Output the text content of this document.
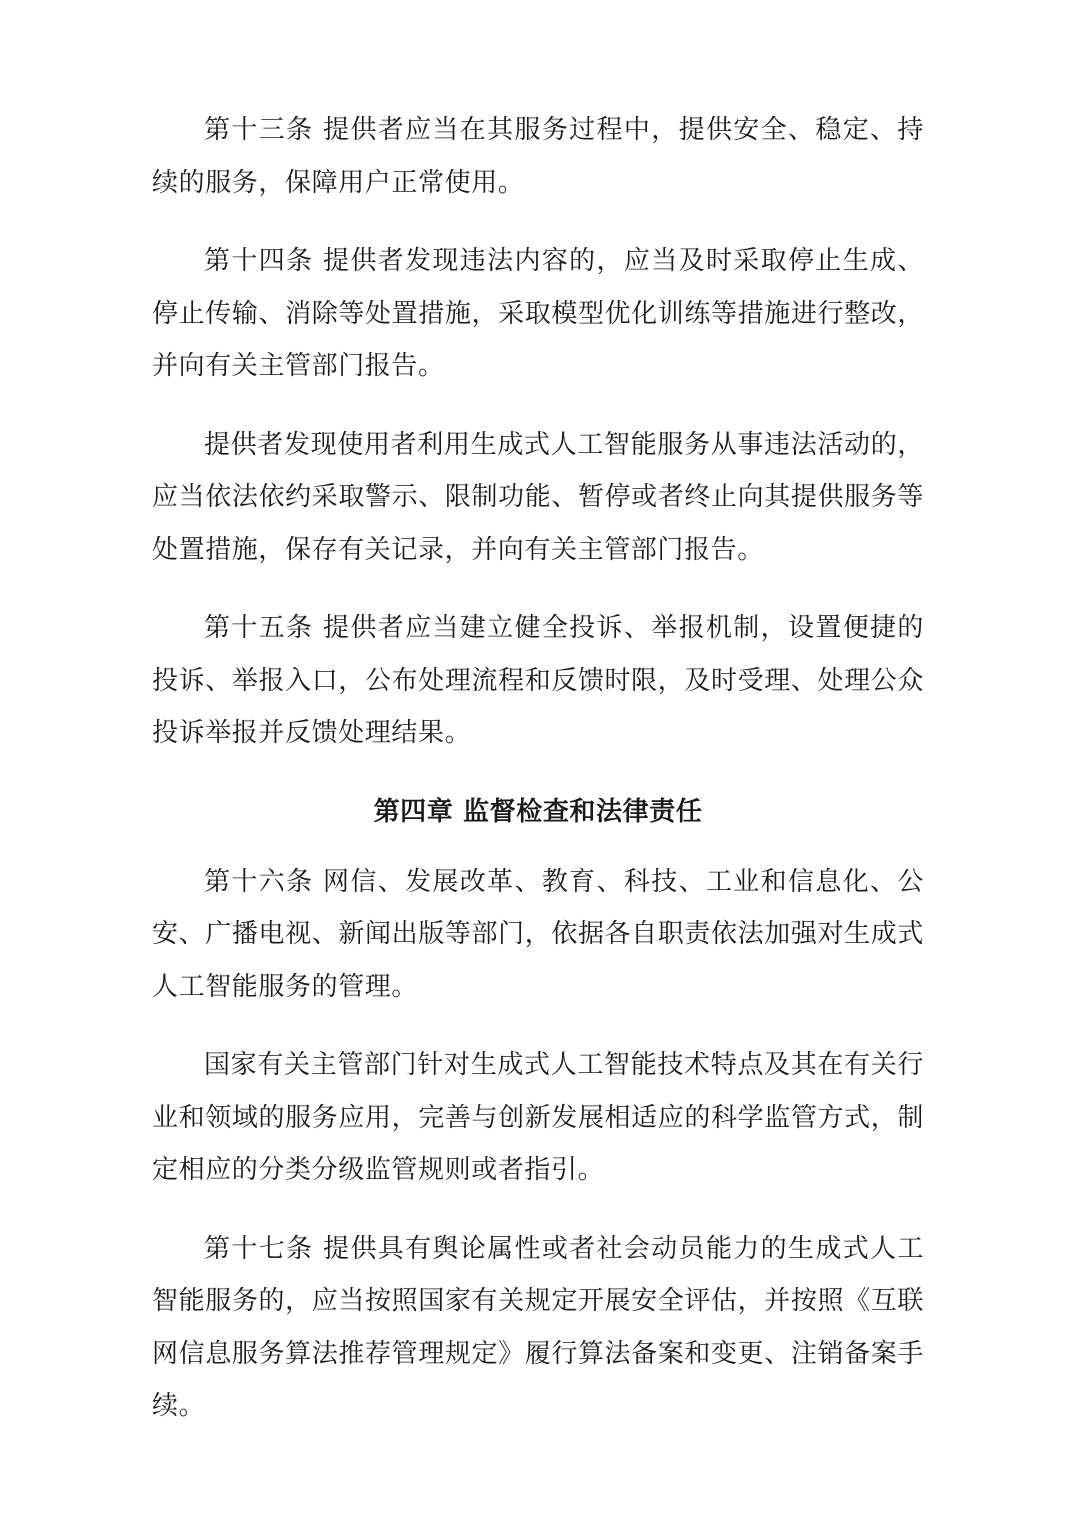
第十三条 提供者应当在其服务过程中，提供安全、稳定、持续的服务，保障用户正常使用。

第十四条 提供者发现违法内容的，应当及时采取停止生成、停止传输、消除等处置措施，采取模型优化训练等措施进行整改，并向有关主管部门报告。

提供者发现使用者利用生成式人工智能服务从事违法活动的，应当依法依约采取警示、限制功能、暂停或者终止向其提供服务等处置措施，保存有关记录，并向有关主管部门报告。

第十五条 提供者应当建立健全投诉、举报机制，设置便捷的投诉、举报入口，公布处理流程和反馈时限，及时受理、处理公众投诉举报并反馈处理结果。

第四章 监督检查和法律责任

第十六条 网信、发展改革、教育、科技、工业和信息化、公安、广播电视、新闻出版等部门，依据各自职责依法加强对生成式人工智能服务的管理。

国家有关主管部门针对生成式人工智能技术特点及其在有关行业和领域的服务应用，完善与创新发展相适应的科学监管方式，制定相应的分类分级监管规则或者指引。

第十七条 提供具有舆论属性或者社会动员能力的生成式人工智能服务的，应当按照国家有关规定开展安全评估，并按照《互联网信息服务算法推荐管理规定》履行算法备案和变更、注销备案手续。
